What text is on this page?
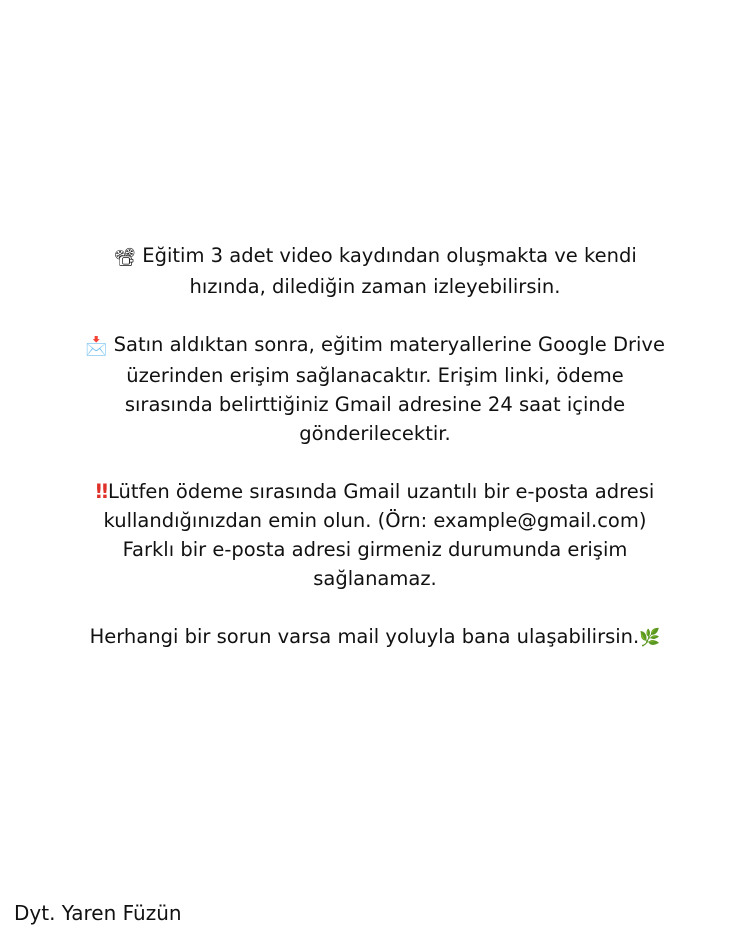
📽 Eğitim 3 adet video kaydından oluşmakta ve kendi
hızında, dilediğin zaman izleyebilirsin.

📩 Satın aldıktan sonra, eğitim materyallerine Google Drive
üzerinden erişim sağlanacaktır. Erişim linki, ödeme
sırasında belirttiğiniz Gmail adresine 24 saat içinde
gönderilecektir.

‼Lütfen ödeme sırasında Gmail uzantılı bir e-posta adresi
kullandığınızdan emin olun. (Örn: example@gmail.com)
Farklı bir e-posta adresi girmeniz durumunda erişim
sağlanamaz.

Herhangi bir sorun varsa mail yoluyla bana ulaşabilirsin.🌿

Dyt. Yaren Füzün
